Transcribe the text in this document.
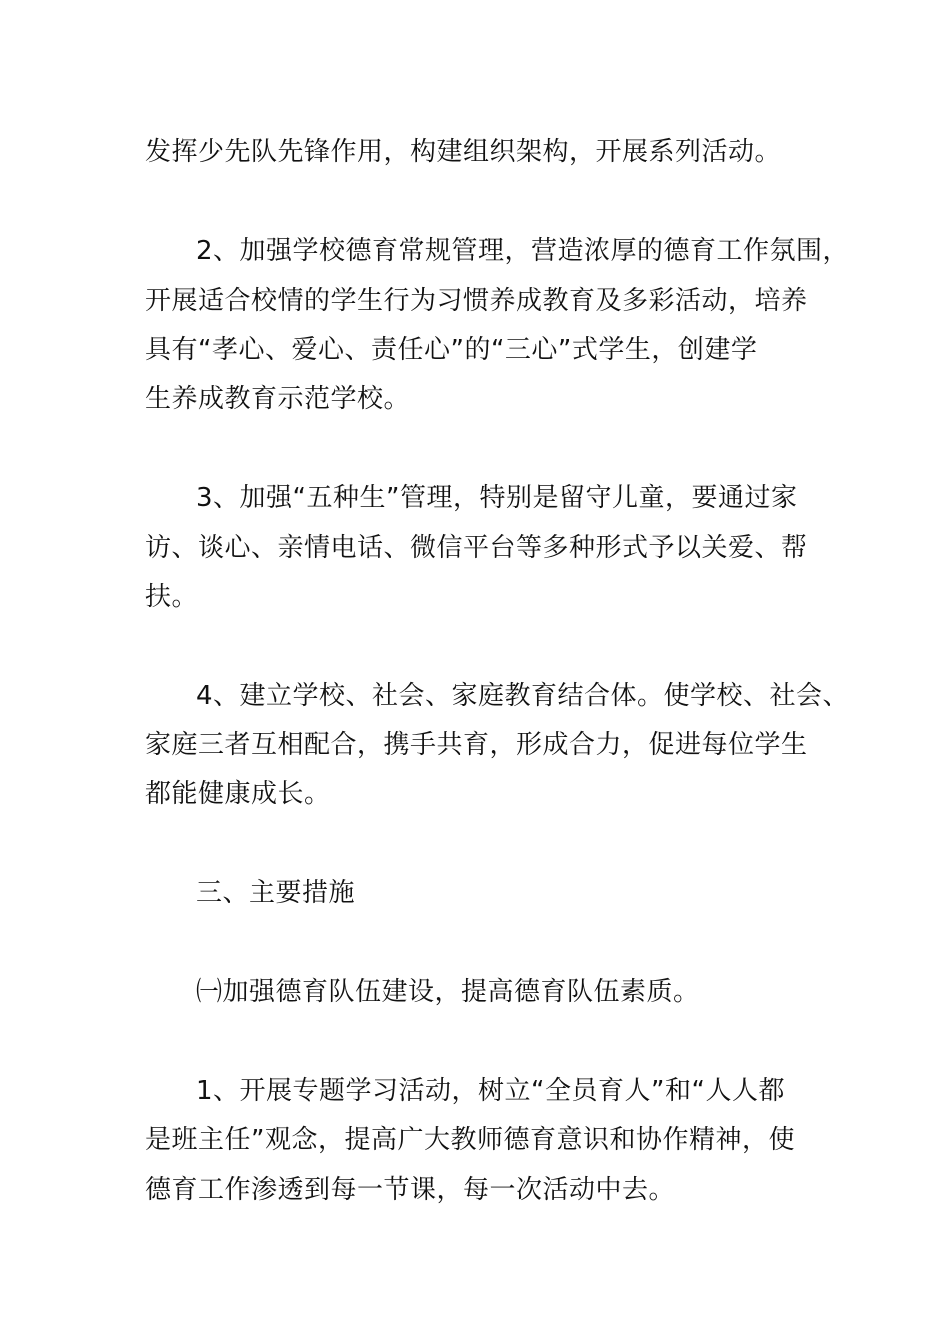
发挥少先队先锋作用，构建组织架构，开展系列活动。
2、加强学校德育常规管理，营造浓厚的德育工作氛围，
开展适合校情的学生行为习惯养成教育及多彩活动，培养
具有“孝心、爱心、责任心”的“三心”式学生，创建学
生养成教育示范学校。
3、加强“五种生”管理，特别是留守儿童，要通过家
访、谈心、亲情电话、微信平台等多种形式予以关爱、帮
扶。
4、建立学校、社会、家庭教育结合体。使学校、社会、
家庭三者互相配合，携手共育，形成合力，促进每位学生
都能健康成长。
三、主要措施
㈠加强德育队伍建设，提高德育队伍素质。
1、开展专题学习活动，树立“全员育人”和“人人都
是班主任”观念，提高广大教师德育意识和协作精神，使
德育工作渗透到每一节课，每一次活动中去。
